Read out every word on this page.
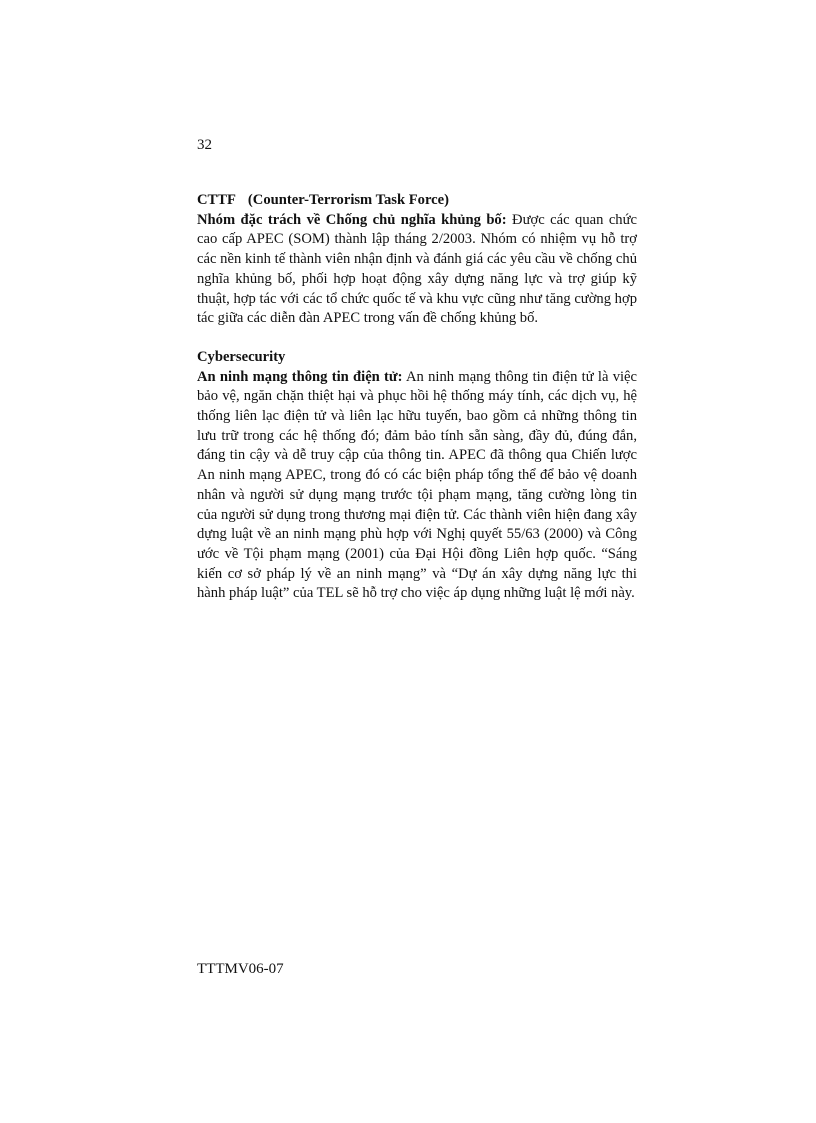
32

CTTF (Counter-Terrorism Task Force)

Nhóm đặc trách về Chống chủ nghĩa khủng bố: Được các quan chức cao cấp APEC (SOM) thành lập tháng 2/2003. Nhóm có nhiệm vụ hỗ trợ các nền kinh tế thành viên nhận định và đánh giá các yêu cầu về chống chủ nghĩa khủng bố, phối hợp hoạt động xây dựng năng lực và trợ giúp kỹ thuật, hợp tác với các tổ chức quốc tế và khu vực cũng như tăng cường hợp tác giữa các diễn đàn APEC trong vấn đề chống khủng bố.

Cybersecurity

An ninh mạng thông tin điện tử: An ninh mạng thông tin điện tử là việc bảo vệ, ngăn chặn thiệt hại và phục hồi hệ thống máy tính, các dịch vụ, hệ thống liên lạc điện tử và liên lạc hữu tuyến, bao gồm cả những thông tin lưu trữ trong các hệ thống đó; đảm bảo tính sẵn sàng, đầy đủ, đúng đắn, đáng tin cậy và dễ truy cập của thông tin. APEC đã thông qua Chiến lược An ninh mạng APEC, trong đó có các biện pháp tổng thể để bảo vệ doanh nhân và người sử dụng mạng trước tội phạm mạng, tăng cường lòng tin của người sử dụng trong thương mại điện tử. Các thành viên hiện đang xây dựng luật về an ninh mạng phù hợp với Nghị quyết 55/63 (2000) và Công ước về Tội phạm mạng (2001) của Đại Hội đồng Liên hợp quốc. “Sáng kiến cơ sở pháp lý về an ninh mạng” và “Dự án xây dựng năng lực thi hành pháp luật” của TEL sẽ hỗ trợ cho việc áp dụng những luật lệ mới này.

TTTMV06-07
